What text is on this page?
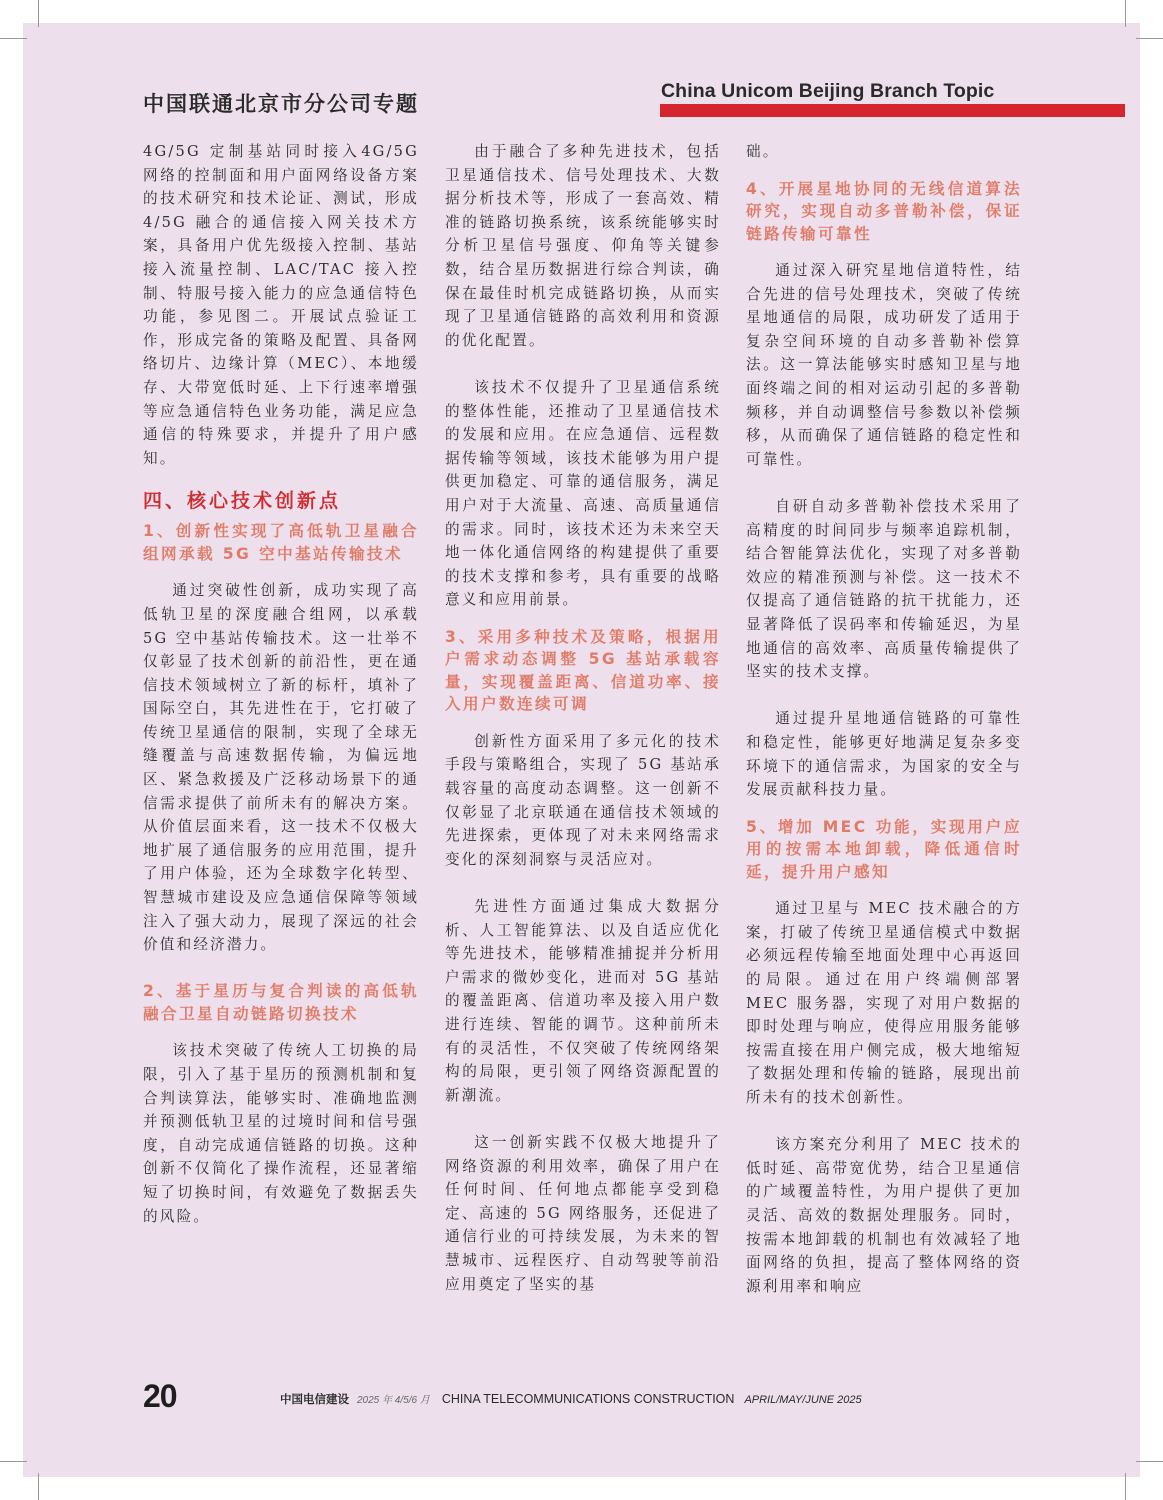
中国联通北京市分公司专题
China Unicom Beijing Branch Topic

4G/5G 定制基站同时接入4G/5G 网络的控制面和用户面网络设备方案的技术研究和技术论证、测试，形成 4/5G 融合的通信接入网关技术方案，具备用户优先级接入控制、基站接入流量控制、LAC/TAC 接入控制、特服号接入能力的应急通信特色功能，参见图二。开展试点验证工作，形成完备的策略及配置、具备网络切片、边缘计算（MEC）、本地缓存、大带宽低时延、上下行速率增强等应急通信特色业务功能，满足应急通信的特殊要求，并提升了用户感知。

四、核心技术创新点
1、创新性实现了高低轨卫星融合组网承载 5G 空中基站传输技术

通过突破性创新，成功实现了高低轨卫星的深度融合组网，以承载 5G 空中基站传输技术。这一壮举不仅彰显了技术创新的前沿性，更在通信技术领域树立了新的标杆，填补了国际空白，其先进性在于，它打破了传统卫星通信的限制，实现了全球无缝覆盖与高速数据传输，为偏远地区、紧急救援及广泛移动场景下的通信需求提供了前所未有的解决方案。从价值层面来看，这一技术不仅极大地扩展了通信服务的应用范围，提升了用户体验，还为全球数字化转型、智慧城市建设及应急通信保障等领域注入了强大动力，展现了深远的社会价值和经济潜力。

2、基于星历与复合判读的高低轨融合卫星自动链路切换技术

该技术突破了传统人工切换的局限，引入了基于星历的预测机制和复合判读算法，能够实时、准确地监测并预测低轨卫星的过境时间和信号强度，自动完成通信链路的切换。这种创新不仅简化了操作流程，还显著缩短了切换时间，有效避免了数据丢失的风险。

由于融合了多种先进技术，包括卫星通信技术、信号处理技术、大数据分析技术等，形成了一套高效、精准的链路切换系统，该系统能够实时分析卫星信号强度、仰角等关键参数，结合星历数据进行综合判读，确保在最佳时机完成链路切换，从而实现了卫星通信链路的高效利用和资源的优化配置。

该技术不仅提升了卫星通信系统的整体性能，还推动了卫星通信技术的发展和应用。在应急通信、远程数据传输等领域，该技术能够为用户提供更加稳定、可靠的通信服务，满足用户对于大流量、高速、高质量通信的需求。同时，该技术还为未来空天地一体化通信网络的构建提供了重要的技术支撑和参考，具有重要的战略意义和应用前景。

3、采用多种技术及策略，根据用户需求动态调整 5G 基站承载容量，实现覆盖距离、信道功率、接入用户数连续可调

创新性方面采用了多元化的技术手段与策略组合，实现了 5G 基站承载容量的高度动态调整。这一创新不仅彰显了北京联通在通信技术领域的先进探索，更体现了对未来网络需求变化的深刻洞察与灵活应对。

先进性方面通过集成大数据分析、人工智能算法、以及自适应优化等先进技术，能够精准捕捉并分析用户需求的微妙变化，进而对 5G 基站的覆盖距离、信道功率及接入用户数进行连续、智能的调节。这种前所未有的灵活性，不仅突破了传统网络架构的局限，更引领了网络资源配置的新潮流。

这一创新实践不仅极大地提升了网络资源的利用效率，确保了用户在任何时间、任何地点都能享受到稳定、高速的 5G 网络服务，还促进了通信行业的可持续发展，为未来的智慧城市、远程医疗、自动驾驶等前沿应用奠定了坚实的基

础。

4、开展星地协同的无线信道算法研究，实现自动多普勒补偿，保证链路传输可靠性

通过深入研究星地信道特性，结合先进的信号处理技术，突破了传统星地通信的局限，成功研发了适用于复杂空间环境的自动多普勒补偿算法。这一算法能够实时感知卫星与地面终端之间的相对运动引起的多普勒频移，并自动调整信号参数以补偿频移，从而确保了通信链路的稳定性和可靠性。

自研自动多普勒补偿技术采用了高精度的时间同步与频率追踪机制，结合智能算法优化，实现了对多普勒效应的精准预测与补偿。这一技术不仅提高了通信链路的抗干扰能力，还显著降低了误码率和传输延迟，为星地通信的高效率、高质量传输提供了坚实的技术支撑。

通过提升星地通信链路的可靠性和稳定性，能够更好地满足复杂多变环境下的通信需求，为国家的安全与发展贡献科技力量。

5、增加 MEC 功能，实现用户应用的按需本地卸载，降低通信时延，提升用户感知

通过卫星与 MEC 技术融合的方案，打破了传统卫星通信模式中数据必须远程传输至地面处理中心再返回的局限。通过在用户终端侧部署 MEC 服务器，实现了对用户数据的即时处理与响应，使得应用服务能够按需直接在用户侧完成，极大地缩短了数据处理和传输的链路，展现出前所未有的技术创新性。

该方案充分利用了 MEC 技术的低时延、高带宽优势，结合卫星通信的广域覆盖特性，为用户提供了更加灵活、高效的数据处理服务。同时，按需本地卸载的机制也有效减轻了地面网络的负担，提高了整体网络的资源利用率和响应

20	中国电信建设 2025 年 4/5/6 月 CHINA TELECOMMUNICATIONS CONSTRUCTION APRIL/MAY/JUNE 2025
